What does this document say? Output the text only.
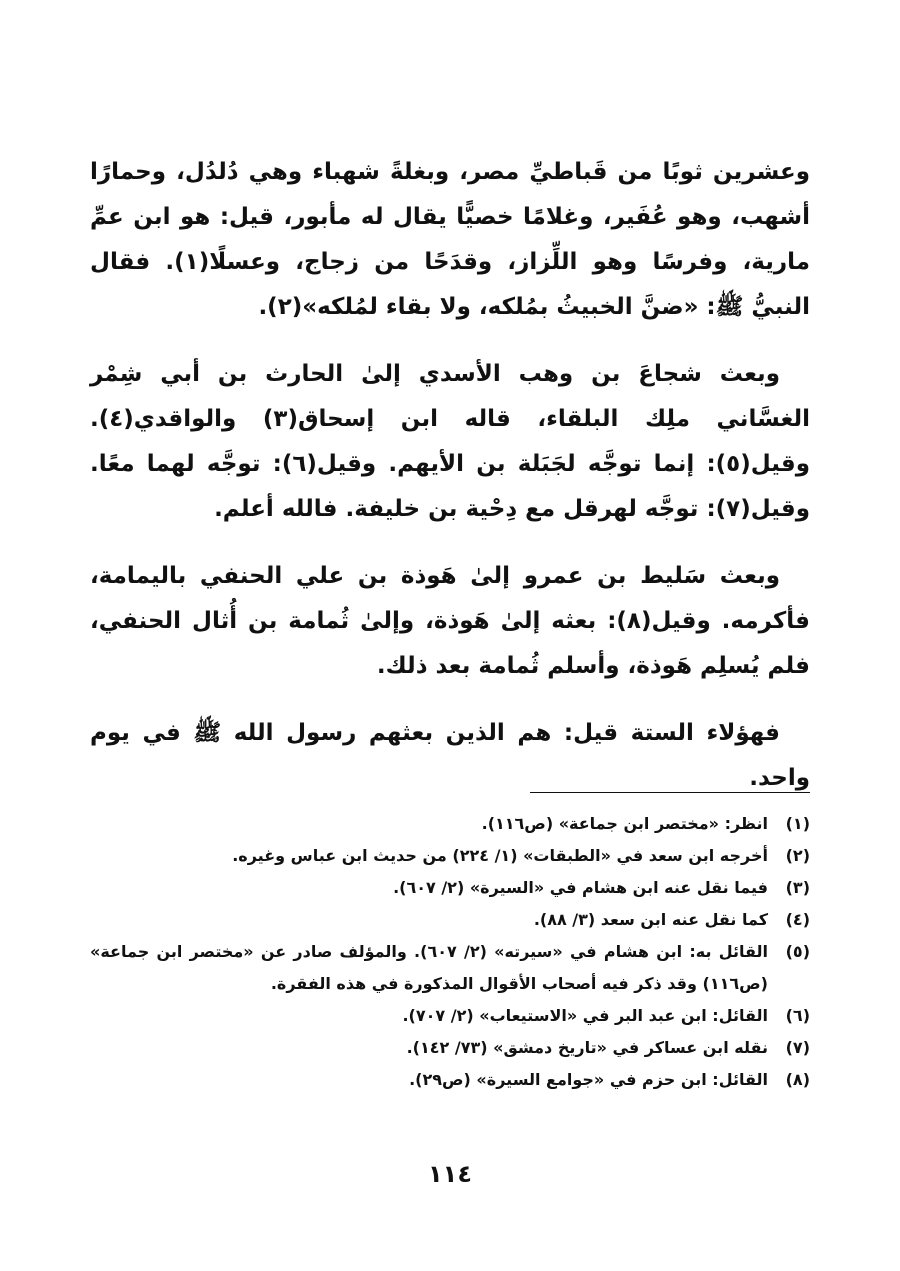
وعشرين ثوبًا من قَباطيِّ مصر، وبغلةً شهباء وهي دُلدُل، وحمارًا أشهب، وهو عُفَير، وغلامًا خصيًّا يقال له مأبور، قيل: هو ابن عمِّ مارية، وفرسًا وهو اللِّزاز، وقدَحًا من زجاج، وعسلًا(١). فقال النبيُّ ﷺ: «ضنَّ الخبيثُ بمُلكه، ولا بقاء لمُلكه»(٢).

وبعث شجاعَ بن وهب الأسدي إلىٰ الحارث بن أبي شِمْر الغسَّاني ملِك البلقاء، قاله ابن إسحاق(٣) والواقدي(٤). وقيل(٥): إنما توجَّه لجَبَلة بن الأيهم. وقيل(٦): توجَّه لهما معًا. وقيل(٧): توجَّه لهرقل مع دِحْية بن خليفة. فالله أعلم.

وبعث سَليط بن عمرو إلىٰ هَوذة بن علي الحنفي باليمامة، فأكرمه. وقيل(٨): بعثه إلىٰ هَوذة، وإلىٰ ثُمامة بن أُثال الحنفي، فلم يُسلِم هَوذة، وأسلم ثُمامة بعد ذلك.

فهؤلاء الستة قيل: هم الذين بعثهم رسول الله ﷺ في يوم واحد.

(١)
انظر: «مختصر ابن جماعة» (ص١١٦).
(٢)
أخرجه ابن سعد في «الطبقات» (١/ ٢٢٤) من حديث ابن عباس وغيره.
(٣)
فيما نقل عنه ابن هشام في «السيرة» (٢/ ٦٠٧).
(٤)
كما نقل عنه ابن سعد (٣/ ٨٨).
(٥)
القائل به: ابن هشام في «سيرته» (٢/ ٦٠٧). والمؤلف صادر عن «مختصر ابن جماعة» (ص١١٦) وقد ذكر فيه أصحاب الأقوال المذكورة في هذه الفقرة.
(٦)
القائل: ابن عبد البر في «الاستيعاب» (٢/ ٧٠٧).
(٧)
نقله ابن عساكر في «تاريخ دمشق» (٧٣/ ١٤٢).
(٨)
القائل: ابن حزم في «جوامع السيرة» (ص٢٩).
١١٤
